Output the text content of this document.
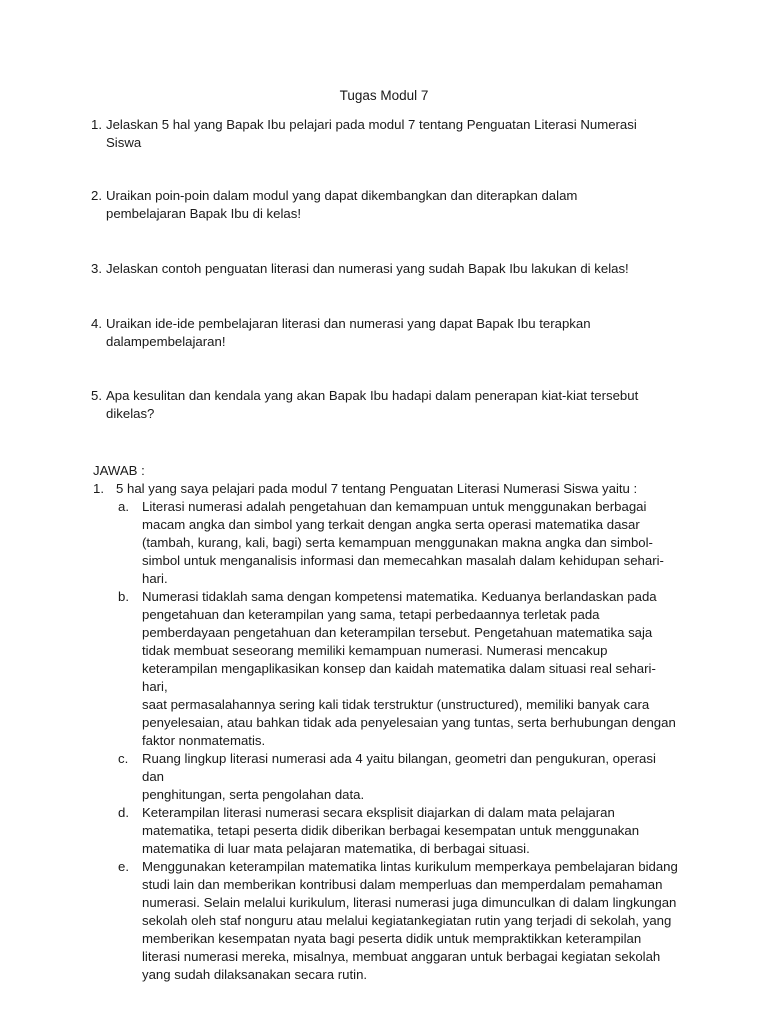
Tugas Modul 7
1. Jelaskan 5 hal yang Bapak Ibu pelajari pada modul 7 tentang Penguatan Literasi Numerasi
Siswa
2. Uraikan poin-poin dalam modul yang dapat dikembangkan dan diterapkan dalam
pembelajaran Bapak Ibu di kelas!
3. Jelaskan contoh penguatan literasi dan numerasi yang sudah Bapak Ibu lakukan di kelas!
4. Uraikan ide-ide pembelajaran literasi dan numerasi yang dapat Bapak Ibu terapkan
dalampembelajaran!
5. Apa kesulitan dan kendala yang akan Bapak Ibu hadapi dalam penerapan kiat-kiat tersebut
dikelas?
JAWAB :
1. 5 hal yang saya pelajari pada modul 7 tentang Penguatan Literasi Numerasi Siswa yaitu :
a. Literasi numerasi adalah pengetahuan dan kemampuan untuk menggunakan berbagai
macam angka dan simbol yang terkait dengan angka serta operasi matematika dasar
(tambah, kurang, kali, bagi) serta kemampuan menggunakan makna angka dan simbol-
simbol untuk menganalisis informasi dan memecahkan masalah dalam kehidupan sehari-
hari.
b. Numerasi tidaklah sama dengan kompetensi matematika. Keduanya berlandaskan pada
pengetahuan dan keterampilan yang sama, tetapi perbedaannya terletak pada
pemberdayaan pengetahuan dan keterampilan tersebut. Pengetahuan matematika saja
tidak membuat seseorang memiliki kemampuan numerasi. Numerasi mencakup
keterampilan mengaplikasikan konsep dan kaidah matematika dalam situasi real sehari-hari,
saat permasalahannya sering kali tidak terstruktur (unstructured), memiliki banyak cara
penyelesaian, atau bahkan tidak ada penyelesaian yang tuntas, serta berhubungan dengan
faktor nonmatematis.
c. Ruang lingkup literasi numerasi ada 4 yaitu bilangan, geometri dan pengukuran, operasi dan
penghitungan, serta pengolahan data.
d. Keterampilan literasi numerasi secara eksplisit diajarkan di dalam mata pelajaran
matematika, tetapi peserta didik diberikan berbagai kesempatan untuk menggunakan
matematika di luar mata pelajaran matematika, di berbagai situasi.
e. Menggunakan keterampilan matematika lintas kurikulum memperkaya pembelajaran bidang
studi lain dan memberikan kontribusi dalam memperluas dan memperdalam pemahaman
numerasi. Selain melalui kurikulum, literasi numerasi juga dimunculkan di dalam lingkungan
sekolah oleh staf nonguru atau melalui kegiatankegiatan rutin yang terjadi di sekolah, yang
memberikan kesempatan nyata bagi peserta didik untuk mempraktikkan keterampilan
literasi numerasi mereka, misalnya, membuat anggaran untuk berbagai kegiatan sekolah
yang sudah dilaksanakan secara rutin.
